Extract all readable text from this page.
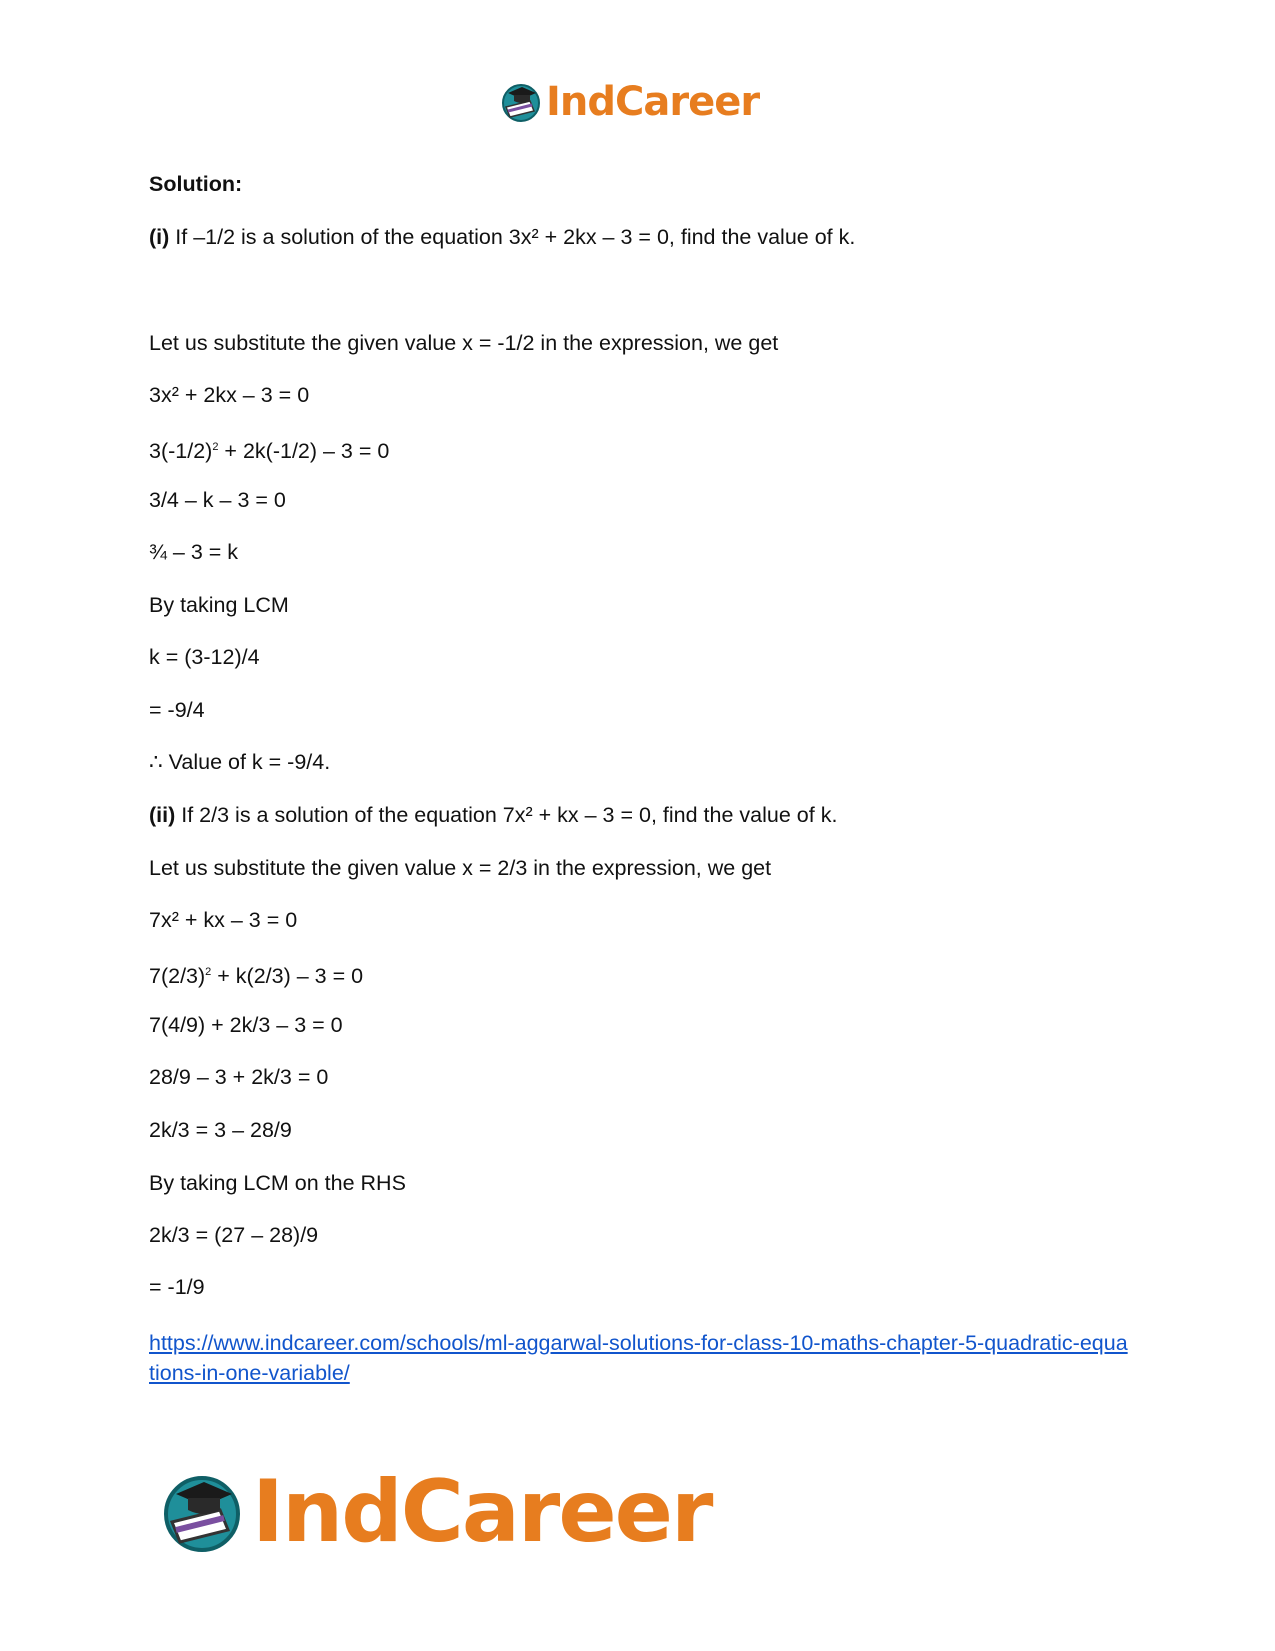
IndCareer
Solution:
(i) If –1/2 is a solution of the equation 3x² + 2kx – 3 = 0, find the value of k.
Let us substitute the given value x = -1/2 in the expression, we get
3x² + 2kx – 3 = 0
$3(-1/2)^2 + 2k(-1/2) - 3 = 0$
3/4 – k – 3 = 0
¾ – 3 = k
By taking LCM
k = (3-12)/4
= -9/4
∴ Value of k = -9/4.
(ii) If 2/3 is a solution of the equation 7x² + kx – 3 = 0, find the value of k.
Let us substitute the given value x = 2/3 in the expression, we get
7x² + kx – 3 = 0
$7(2/3)^2 + k(2/3) - 3 = 0$
7(4/9) + 2k/3 – 3 = 0
28/9 – 3 + 2k/3 = 0
2k/3 = 3 – 28/9
By taking LCM on the RHS
2k/3 = (27 – 28)/9
= -1/9
https://www.indcareer.com/schools/ml-aggarwal-solutions-for-class-10-maths-chapter-5-quadratic-equations-in-one-variable/
IndCareer
